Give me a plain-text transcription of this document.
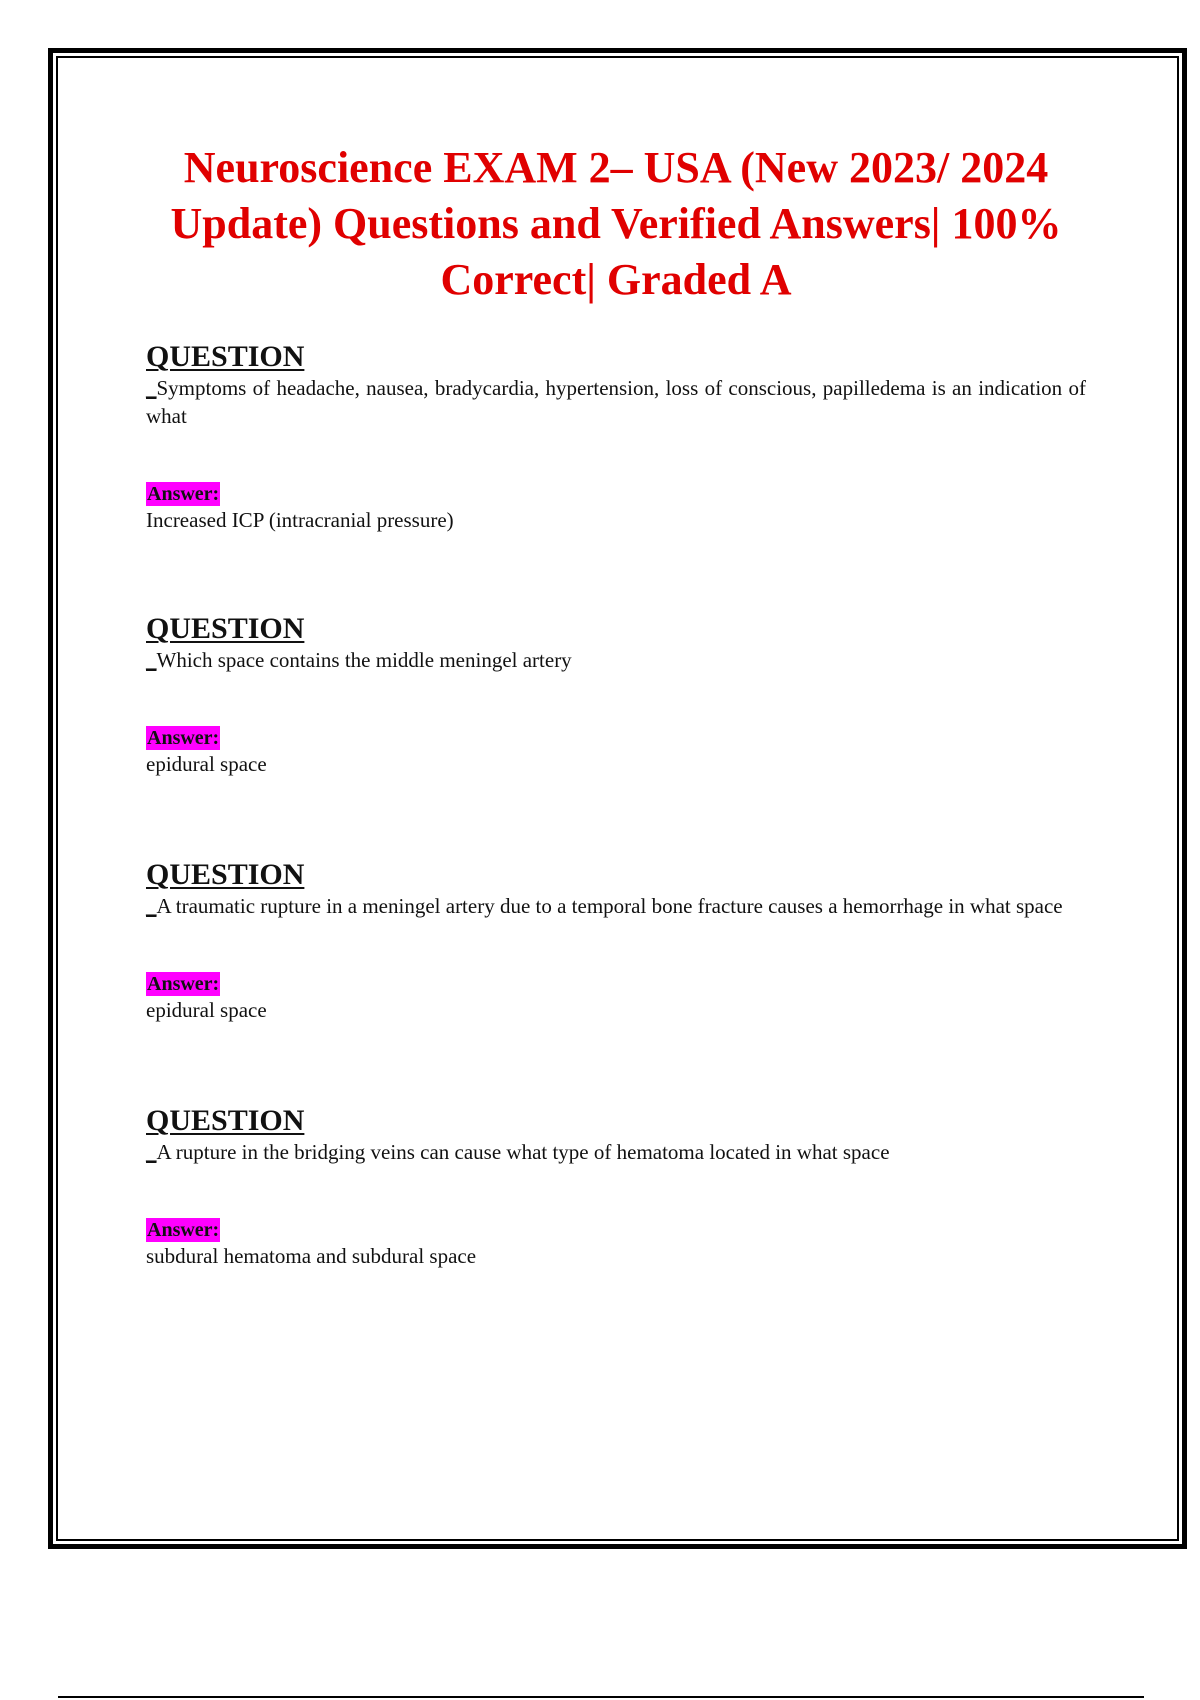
Neuroscience EXAM 2– USA (New 2023/ 2024 Update) Questions and Verified Answers| 100% Correct| Graded A

QUESTION

_Symptoms of headache, nausea, bradycardia, hypertension, loss of conscious, papilledema is an indication of what

Answer:

Increased ICP (intracranial pressure)

QUESTION

_Which space contains the middle meningel artery

Answer:

epidural space

QUESTION

_A traumatic rupture in a meningel artery due to a temporal bone fracture causes a hemorrhage in what space

Answer:

epidural space

QUESTION

_A rupture in the bridging veins can cause what type of hematoma located in what space

Answer:

subdural hematoma and subdural space
